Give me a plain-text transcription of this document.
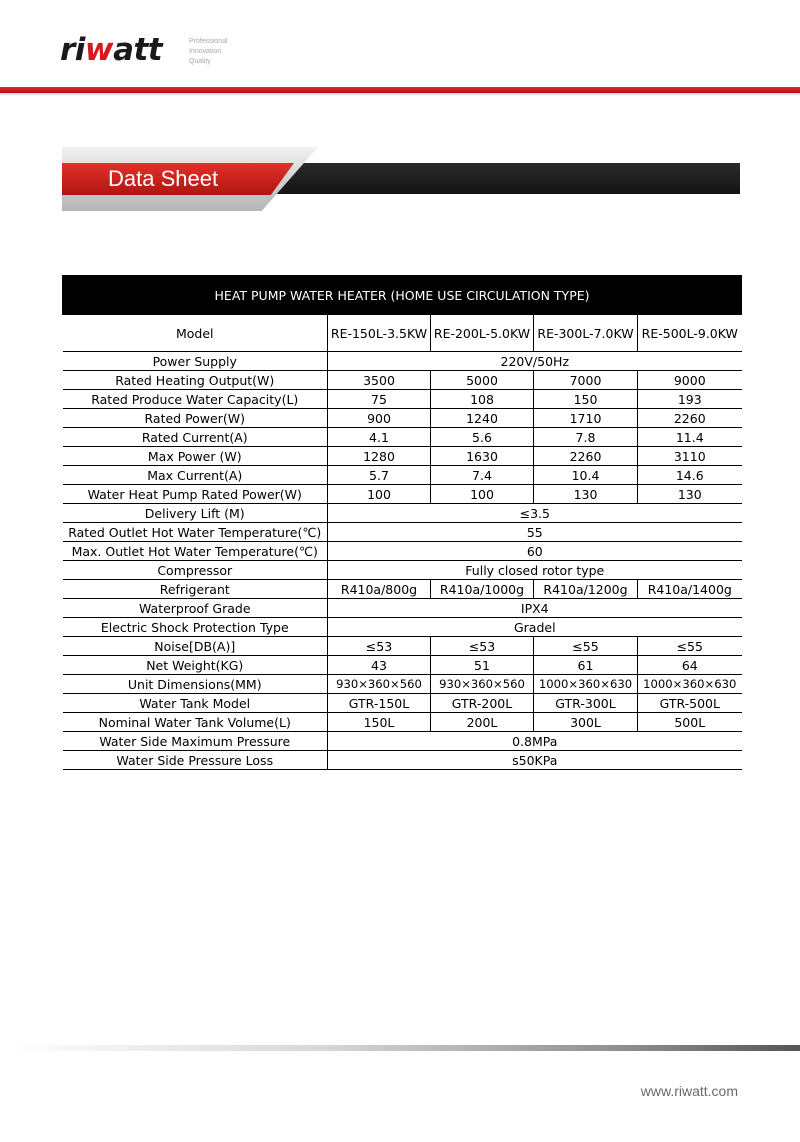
riwatt	Professional
Innovation
Quality
Data Sheet
HEAT PUMP WATER HEATER (HOME USE CIRCULATION TYPE)				
Model	RE-150L-3.5KW	RE-200L-5.0KW	RE-300L-7.0KW	RE-500L-9.0KW
Power Supply	220V/50Hz			
Rated Heating Output(W)	3500	5000	7000	9000
Rated Produce Water Capacity(L)	75	108	150	193
Rated Power(W)	900	1240	1710	2260
Rated Current(A)	4.1	5.6	7.8	11.4
Max Power (W)	1280	1630	2260	3110
Max Current(A)	5.7	7.4	10.4	14.6
Water Heat Pump Rated Power(W)	100	100	130	130
Delivery Lift (M)	≤3.5			
Rated Outlet Hot Water Temperature(℃)	55			
Max. Outlet Hot Water Temperature(℃)	60			
Compressor	Fully closed rotor type			
Refrigerant	R410a/800g	R410a/1000g	R410a/1200g	R410a/1400g
Waterproof Grade	IPX4			
Electric Shock Protection Type	Gradel			
Noise[DB(A)]	≤53	≤53	≤55	≤55
Net Weight(KG)	43	51	61	64
Unit Dimensions(MM)	930×360×560	930×360×560	1000×360×630	1000×360×630
Water Tank Model	GTR-150L	GTR-200L	GTR-300L	GTR-500L
Nominal Water Tank Volume(L)	150L	200L	300L	500L
Water Side Maximum Pressure	0.8MPa			
Water Side Pressure Loss	s50KPa			
www.riwatt.com
